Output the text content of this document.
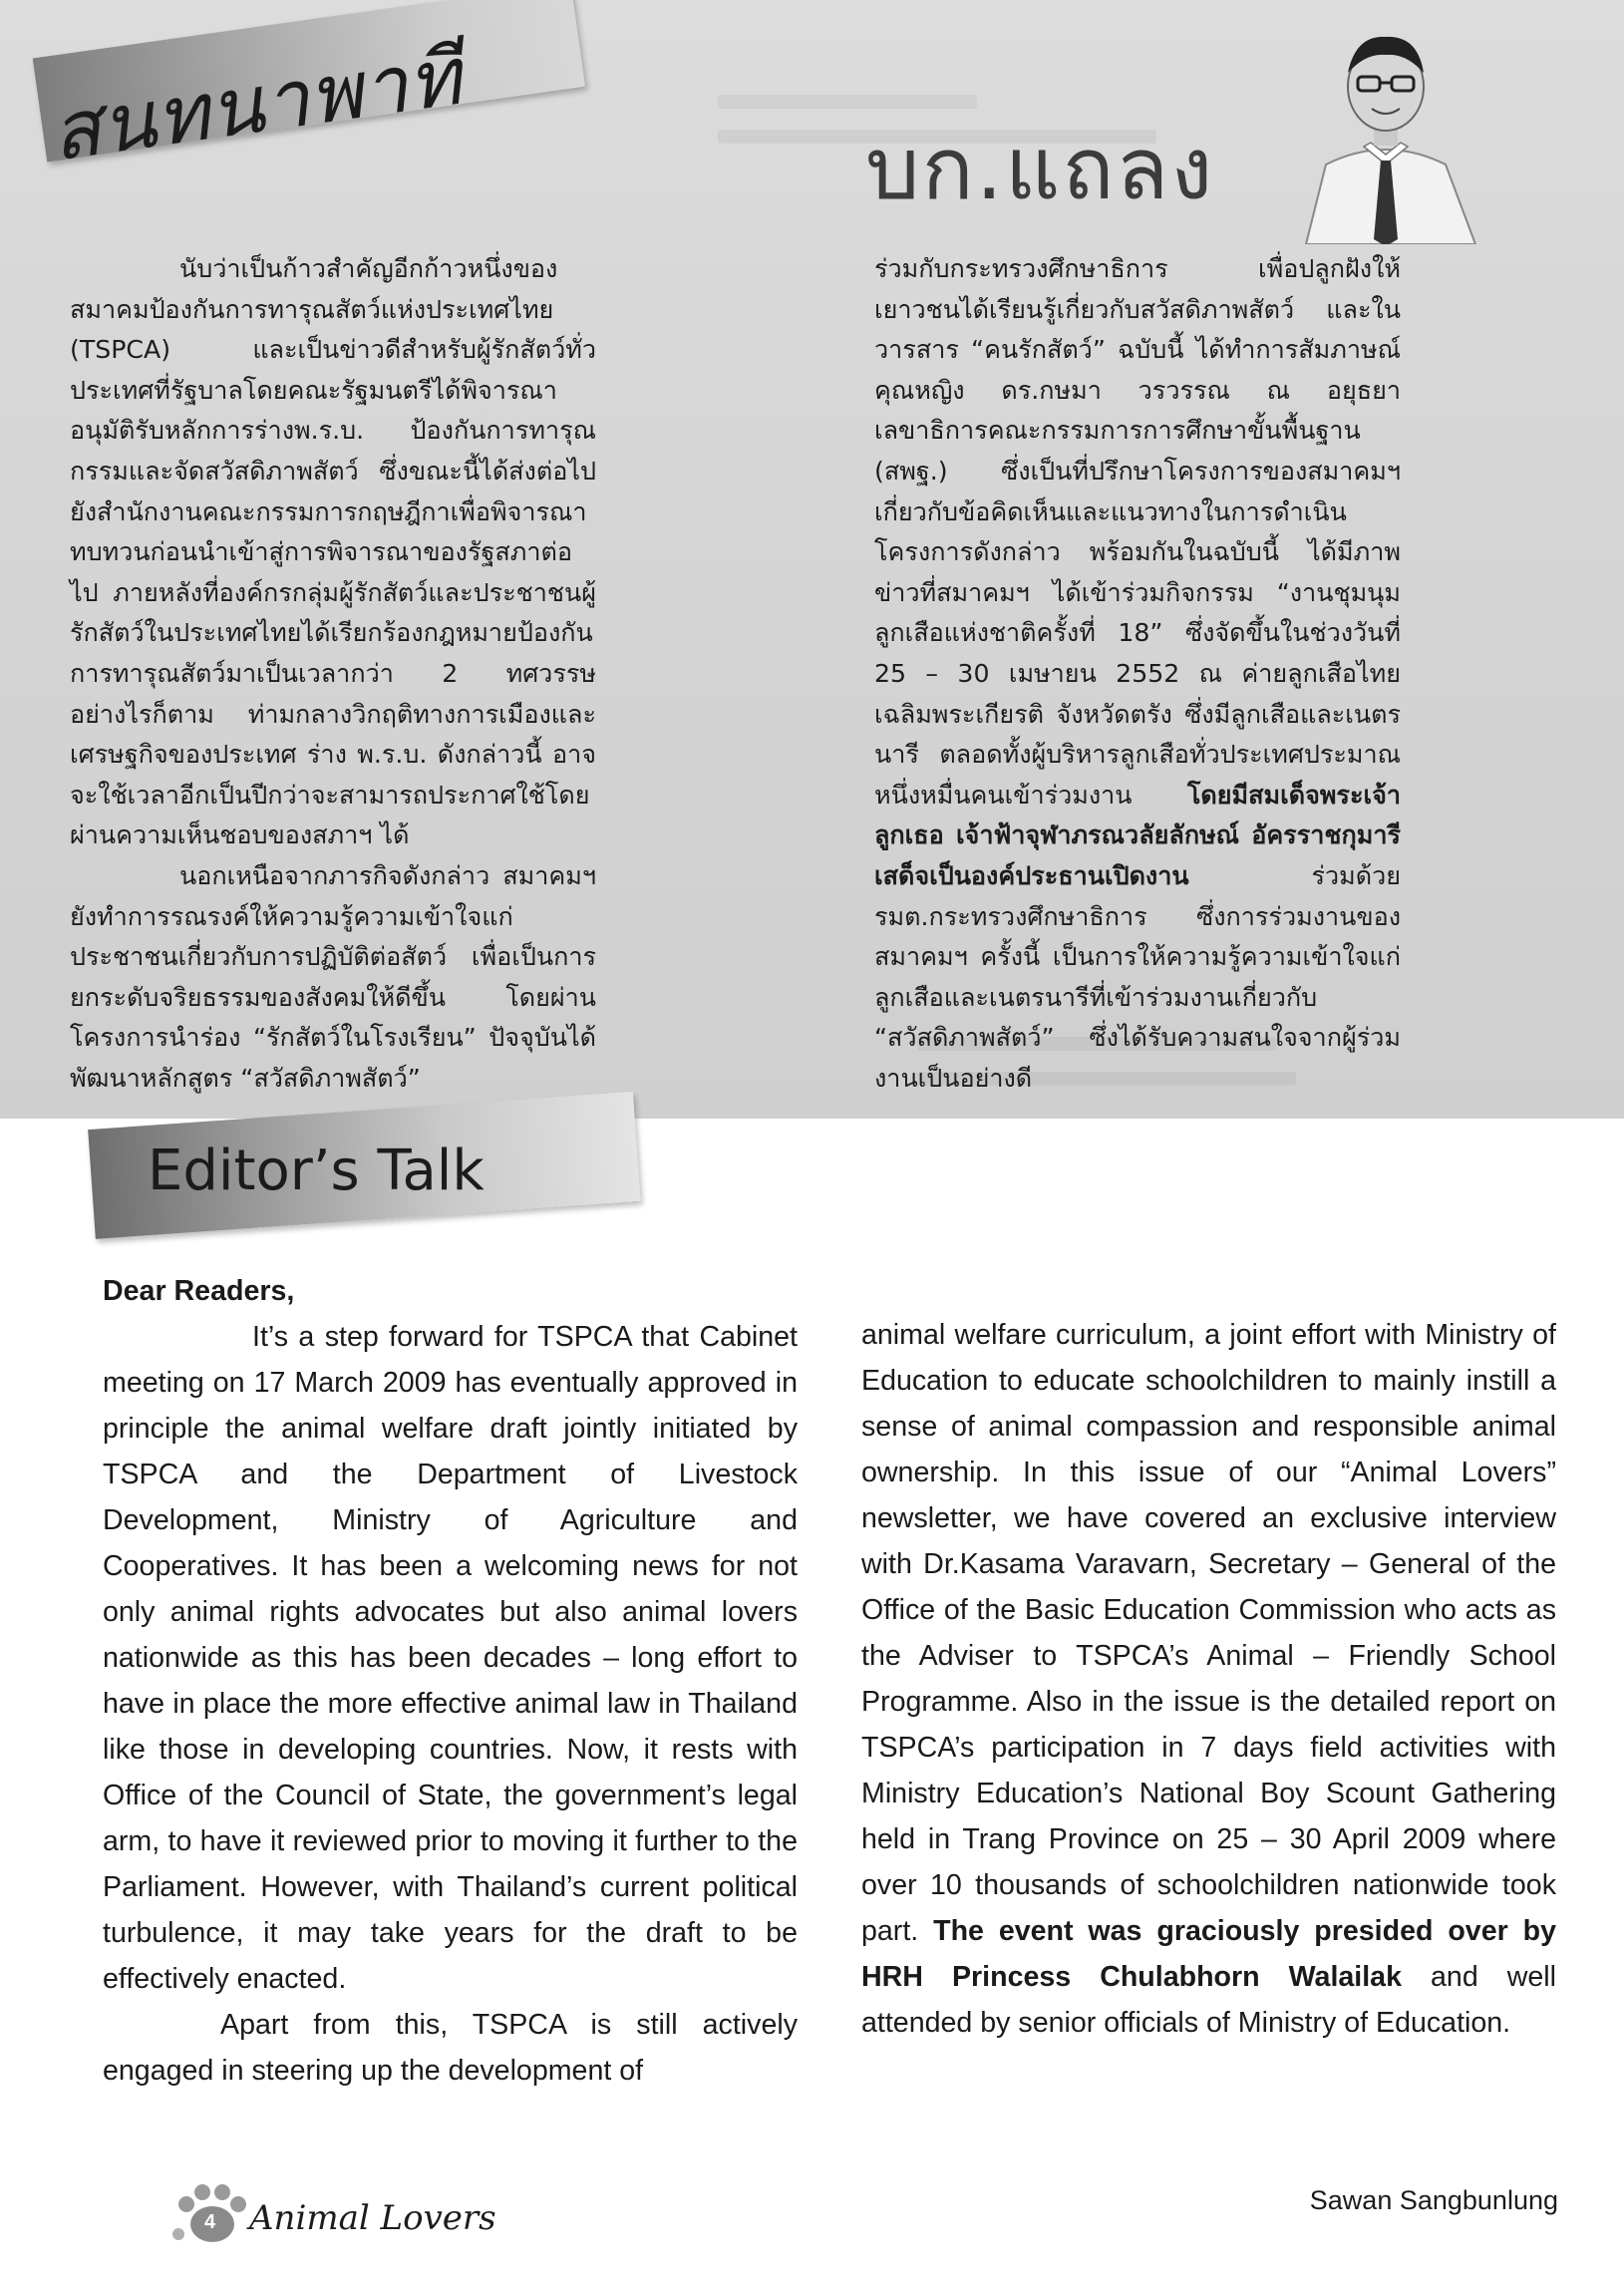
สนทนาพาที	บก.แถลง

นับว่าเป็นก้าวสำคัญอีกก้าวหนึ่งของสมาคมป้องกันการทารุณสัตว์แห่งประเทศไทย (TSPCA) และเป็นข่าวดีสำหรับผู้รักสัตว์ทั่วประเทศที่รัฐบาลโดยคณะรัฐมนตรีได้พิจารณาอนุมัติรับหลักการร่างพ.ร.บ. ป้องกันการทารุณกรรมและจัดสวัสดิภาพสัตว์ ซึ่งขณะนี้ได้ส่งต่อไปยังสำนักงานคณะกรรมการกฤษฎีกาเพื่อพิจารณาทบทวนก่อนนำเข้าสู่การพิจารณาของรัฐสภาต่อไป ภายหลังที่องค์กรกลุ่มผู้รักสัตว์และประชาชนผู้รักสัตว์ในประเทศไทยได้เรียกร้องกฎหมายป้องกันการทารุณสัตว์มาเป็นเวลากว่า 2 ทศวรรษ อย่างไรก็ตาม ท่ามกลางวิกฤติทางการเมืองและเศรษฐกิจของประเทศ ร่าง พ.ร.บ. ดังกล่าวนี้ อาจจะใช้เวลาอีกเป็นปีกว่าจะสามารถประกาศใช้โดยผ่านความเห็นชอบของสภาฯ ได้

นอกเหนือจากภารกิจดังกล่าว สมาคมฯยังทำการรณรงค์ให้ความรู้ความเข้าใจแก่ประชาชนเกี่ยวกับการปฏิบัติต่อสัตว์ เพื่อเป็นการยกระดับจริยธรรมของสังคมให้ดีขึ้น โดยผ่านโครงการนำร่อง “รักสัตว์ในโรงเรียน” ปัจจุบันได้พัฒนาหลักสูตร “สวัสดิภาพสัตว์”

ร่วมกับกระทรวงศึกษาธิการ เพื่อปลูกฝังให้เยาวชนได้เรียนรู้เกี่ยวกับสวัสดิภาพสัตว์ และในวารสาร “คนรักสัตว์” ฉบับนี้ ได้ทำการสัมภาษณ์ คุณหญิง ดร.กษมา วรวรรณ ณ อยุธยา เลขาธิการคณะกรรมการการศึกษาขั้นพื้นฐาน (สพฐ.) ซึ่งเป็นที่ปรึกษาโครงการของสมาคมฯ เกี่ยวกับข้อคิดเห็นและแนวทางในการดำเนินโครงการดังกล่าว พร้อมกันในฉบับนี้ ได้มีภาพข่าวที่สมาคมฯ ได้เข้าร่วมกิจกรรม “งานชุมนุมลูกเสือแห่งชาติครั้งที่ 18” ซึ่งจัดขึ้นในช่วงวันที่ 25 – 30 เมษายน 2552 ณ ค่ายลูกเสือไทยเฉลิมพระเกียรติ จังหวัดตรัง ซึ่งมีลูกเสือและเนตรนารี ตลอดทั้งผู้บริหารลูกเสือทั่วประเทศประมาณหนึ่งหมื่นคนเข้าร่วมงาน โดยมีสมเด็จพระเจ้าลูกเธอ เจ้าฟ้าจุฬาภรณวลัยลักษณ์ อัครราชกุมารี เสด็จเป็นองค์ประธานเปิดงาน	ร่วมด้วย รมต.กระทรวงศึกษาธิการ ซึ่งการร่วมงานของสมาคมฯ ครั้งนี้ เป็นการให้ความรู้ความเข้าใจแก่ลูกเสือและเนตรนารีที่เข้าร่วมงานเกี่ยวกับ “สวัสดิภาพสัตว์” ซึ่งได้รับความสนใจจากผู้ร่วมงานเป็นอย่างดี

Editor’s Talk

Dear Readers,

It’s a step forward for TSPCA that Cabinet meeting on 17 March 2009 has eventually approved in principle the animal welfare draft jointly initiated by TSPCA and the Department of Livestock Development, Ministry of Agriculture and Cooperatives. It has been a welcoming news for not only animal rights advocates but also animal lovers nationwide as this has been decades – long effort to have in place the more effective animal law in Thailand like those in developing countries. Now, it rests with Office of the Council of State, the government’s legal arm, to have it reviewed prior to moving it further to the Parliament. However, with Thailand’s current political turbulence, it may take years for the draft to be effectively enacted.

Apart from this, TSPCA is still actively engaged in steering up the development of

animal welfare curriculum, a joint effort with Ministry of Education to educate schoolchildren to mainly instill a sense of animal compassion and responsible animal ownership. In this issue of our “Animal Lovers” newsletter, we have covered an exclusive interview with Dr.Kasama Varavarn, Secretary – General of the Office of the Basic Education Commission who acts as the Adviser to TSPCA’s Animal – Friendly School Programme. Also in the issue is the detailed report on TSPCA’s participation in 7 days field activities with Ministry Education’s National Boy Scount Gathering held in Trang Province on 25 – 30 April 2009 where over 10 thousands of schoolchildren nationwide took part. The event was graciously presided over by HRH Princess Chulabhorn Walailak and well attended by senior officials of Ministry of Education.

Sawan Sangbunlung
4 Animal Lovers
